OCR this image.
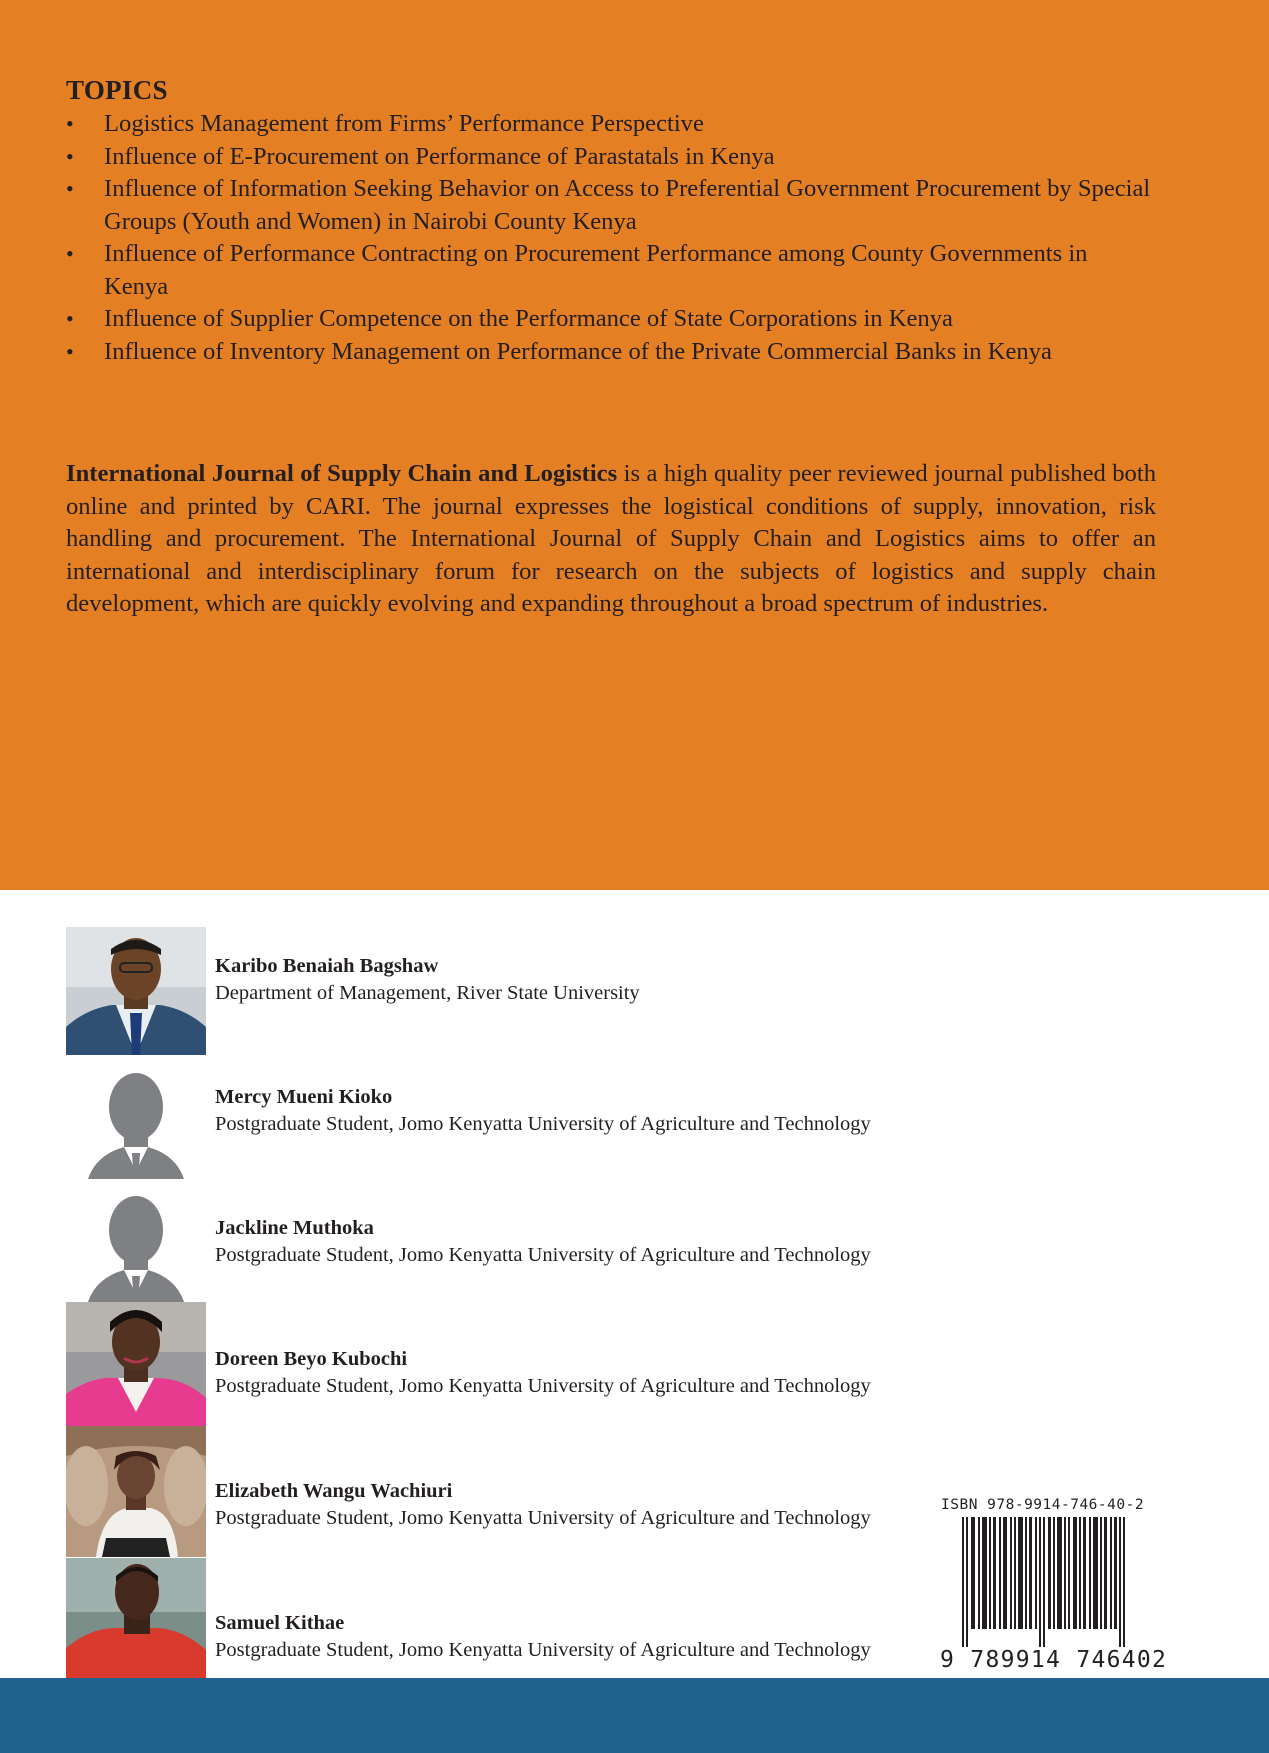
TOPICS
• Logistics Management from Firms’ Performance Perspective
• Influence of E-Procurement on Performance of Parastatals in Kenya
• Influence of Information Seeking Behavior on Access to Preferential Government Procurement by Special Groups (Youth and Women) in Nairobi County Kenya
• Influence of Performance Contracting on Procurement Performance among County Governments in Kenya
• Influence of Supplier Competence on the Performance of State Corporations in Kenya
• Influence of Inventory Management on Performance of the Private Commercial Banks in Kenya

International Journal of Supply Chain and Logistics is a high quality peer reviewed journal published both online and printed by CARI. The journal expresses the logistical conditions of supply, innovation, risk handling and procurement. The International Journal of Supply Chain and Logistics aims to offer an international and interdisciplinary forum for research on the subjects of logistics and supply chain development, which are quickly evolving and expanding throughout a broad spectrum of industries.

Karibo Benaiah Bagshaw
Department of Management, River State University
Mercy Mueni Kioko
Postgraduate Student, Jomo Kenyatta University of Agriculture and Technology
Jackline Muthoka
Postgraduate Student, Jomo Kenyatta University of Agriculture and Technology
Doreen Beyo Kubochi
Postgraduate Student, Jomo Kenyatta University of Agriculture and Technology
Elizabeth Wangu Wachiuri
Postgraduate Student, Jomo Kenyatta University of Agriculture and Technology
Samuel Kithae
Postgraduate Student, Jomo Kenyatta University of Agriculture and Technology
ISBN 978-9914-746-40-2
9 789914 746402
